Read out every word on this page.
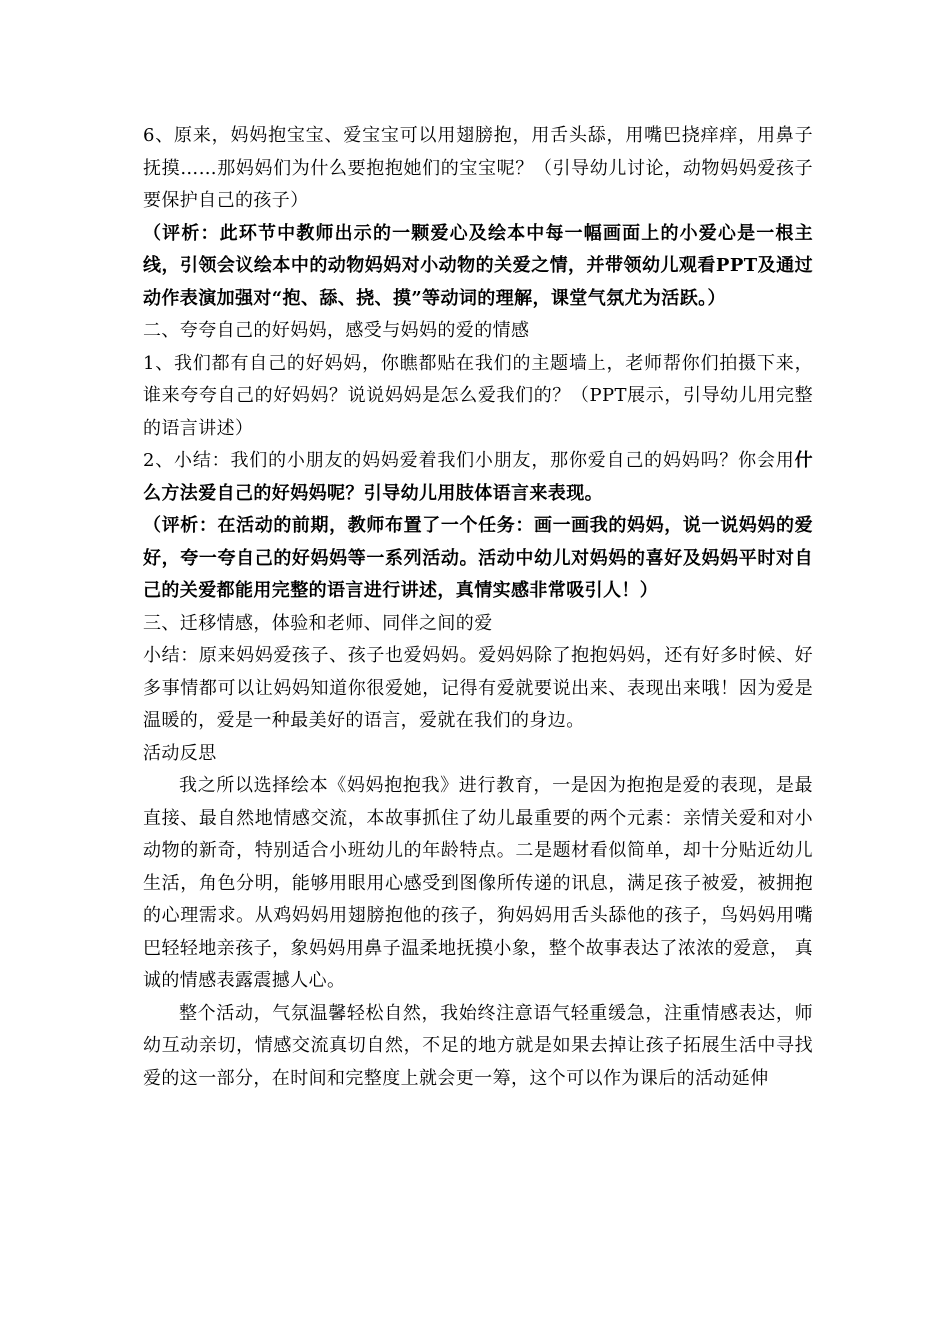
6、原来，妈妈抱宝宝、爱宝宝可以用翅膀抱，用舌头舔，用嘴巴挠痒痒，用鼻子抚摸……那妈妈们为什么要抱抱她们的宝宝呢？（引导幼儿讨论，动物妈妈爱孩子要保护自己的孩子）

（评析：此环节中教师出示的一颗爱心及绘本中每一幅画面上的小爱心是一根主线，引领会议绘本中的动物妈妈对小动物的关爱之情，并带领幼儿观看PPT及通过动作表演加强对“抱、舔、挠、摸”等动词的理解，课堂气氛尤为活跃。）

二、夸夸自己的好妈妈，感受与妈妈的爱的情感

1、我们都有自己的好妈妈，你瞧都贴在我们的主题墙上，老师帮你们拍摄下来，谁来夸夸自己的好妈妈？说说妈妈是怎么爱我们的？（PPT展示，引导幼儿用完整的语言讲述）

2、小结：我们的小朋友的妈妈爱着我们小朋友，那你爱自己的妈妈吗？你会用什么方法爱自己的好妈妈呢？引导幼儿用肢体语言来表现。

（评析：在活动的前期，教师布置了一个任务：画一画我的妈妈，说一说妈妈的爱好，夸一夸自己的好妈妈等一系列活动。活动中幼儿对妈妈的喜好及妈妈平时对自己的关爱都能用完整的语言进行讲述，真情实感非常吸引人！）

三、迁移情感，体验和老师、同伴之间的爱

小结：原来妈妈爱孩子、孩子也爱妈妈。爱妈妈除了抱抱妈妈，还有好多时候、好多事情都可以让妈妈知道你很爱她，记得有爱就要说出来、表现出来哦！因为爱是温暖的，爱是一种最美好的语言，爱就在我们的身边。

活动反思

我之所以选择绘本《妈妈抱抱我》进行教育，一是因为抱抱是爱的表现，是最直接、最自然地情感交流，本故事抓住了幼儿最重要的两个元素：亲情关爱和对小动物的新奇，特别适合小班幼儿的年龄特点。二是题材看似简单，却十分贴近幼儿生活，角色分明，能够用眼用心感受到图像所传递的讯息，满足孩子被爱，被拥抱的心理需求。从鸡妈妈用翅膀抱他的孩子，狗妈妈用舌头舔他的孩子，鸟妈妈用嘴巴轻轻地亲孩子，象妈妈用鼻子温柔地抚摸小象，整个故事表达了浓浓的爱意， 真诚的情感表露震撼人心。

整个活动，气氛温馨轻松自然，我始终注意语气轻重缓急，注重情感表达，师幼互动亲切，情感交流真切自然，不足的地方就是如果去掉让孩子拓展生活中寻找爱的这一部分，在时间和完整度上就会更一筹，这个可以作为课后的活动延伸
